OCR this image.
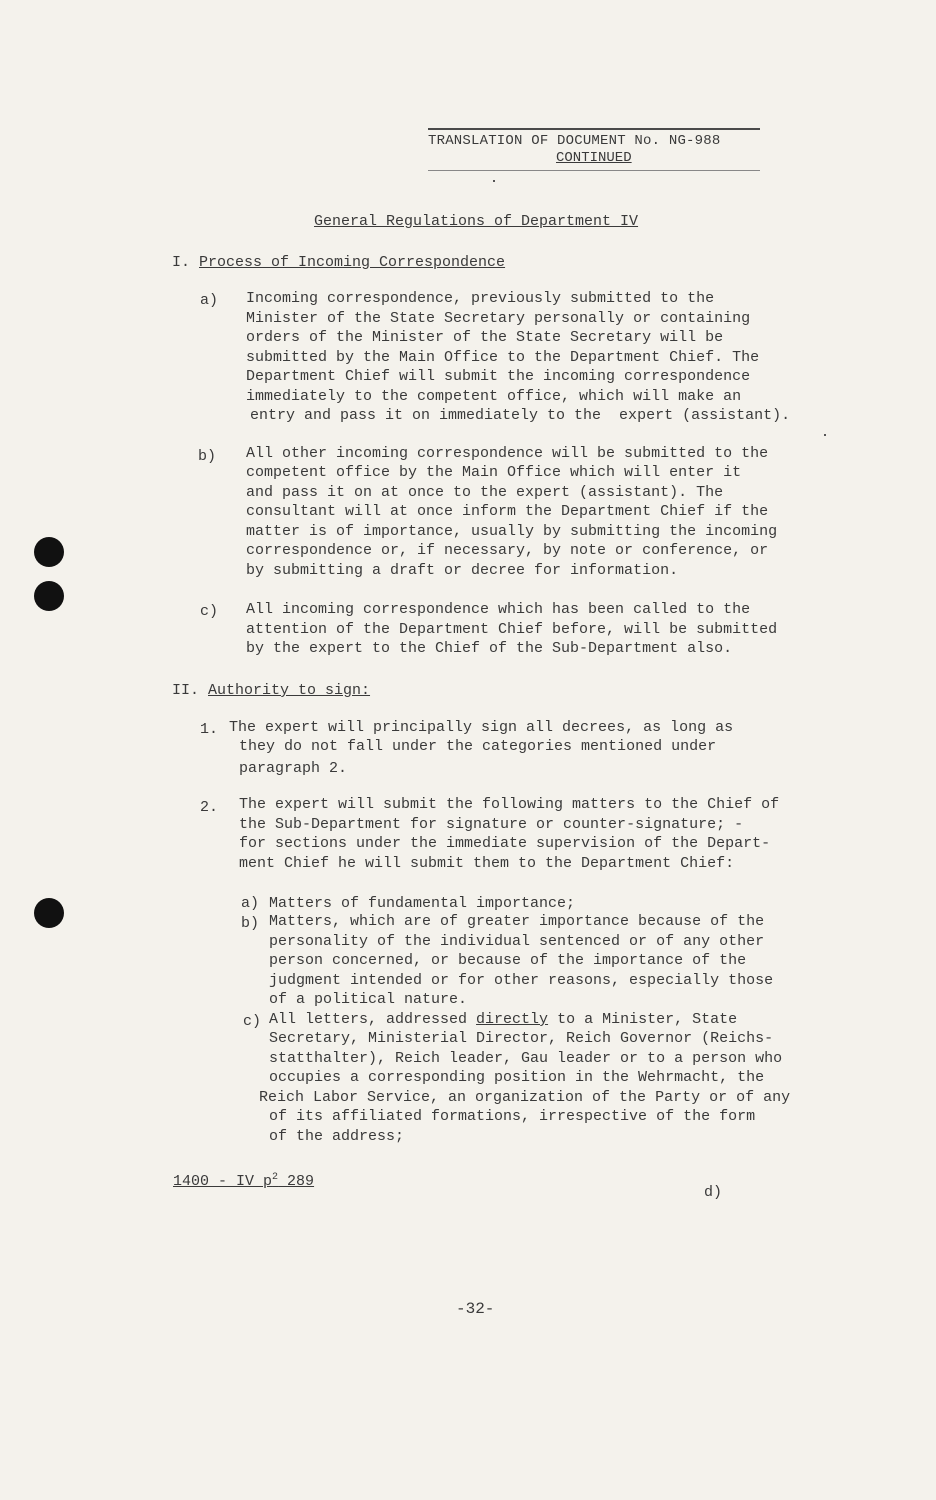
TRANSLATION OF DOCUMENT No. NG-988
CONTINUED
General Regulations of Department IV
I. Process of Incoming Correspondence
a) Incoming correspondence, previously submitted to the
Minister of the State Secretary personally or containing
orders of the Minister of the State Secretary will be
submitted by the Main Office to the Department Chief. The
Department Chief will submit the incoming correspondence
immediately to the competent office, which will make an
entry and pass it on immediately to the  expert (assistant).
b) All other incoming correspondence will be submitted to the
competent office by the Main Office which will enter it
and pass it on at once to the expert (assistant). The
consultant will at once inform the Department Chief if the
matter is of importance, usually by submitting the incoming
correspondence or, if necessary, by note or conference, or
by submitting a draft or decree for information.
c) All incoming correspondence which has been called to the
attention of the Department Chief before, will be submitted
by the expert to the Chief of the Sub-Department also.
II. Authority to sign:
1. The expert will principally sign all decrees, as long as
they do not fall under the categories mentioned under
paragraph 2.
2. The expert will submit the following matters to the Chief of
the Sub-Department for signature or counter-signature; -
for sections under the immediate supervision of the Depart-
ment Chief he will submit them to the Department Chief:
a) Matters of fundamental importance;
b) Matters, which are of greater importance because of the
personality of the individual sentenced or of any other
person concerned, or because of the importance of the
judgment intended or for other reasons, especially those
of a political nature.
c) All letters, addressed directly to a Minister, State
Secretary, Ministerial Director, Reich Governor (Reichs-
statthalter), Reich leader, Gau leader or to a person who
occupies a corresponding position in the Wehrmacht, the
Reich Labor Service, an organization of the Party or of any
of its affiliated formations, irrespective of the form
of the address;
1400 - IV $p^2$ 289
d)
-32-
